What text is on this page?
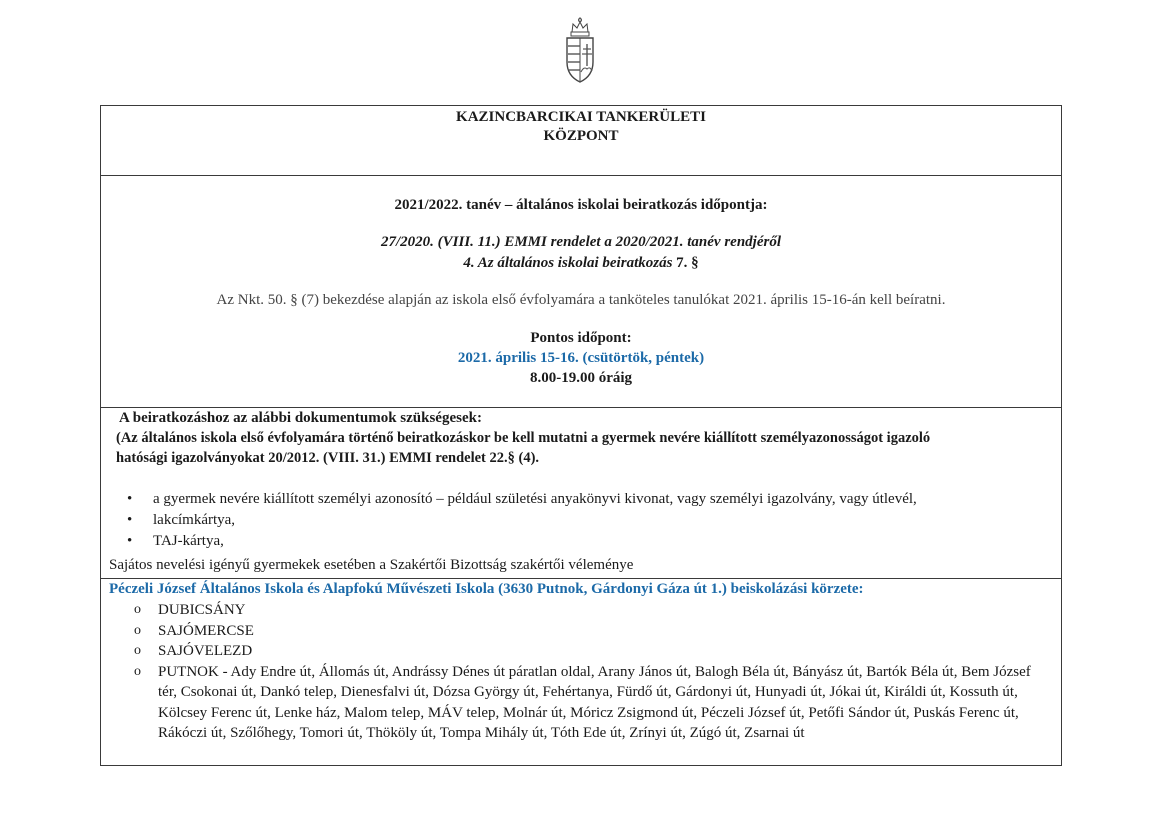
KAZINCBARCIKAI TANKERÜLETI
KÖZPONT
2021/2022. tanév – általános iskolai beiratkozás időpontja:
27/2020. (VIII. 11.) EMMI rendelet a 2020/2021. tanév rendjéről
4. Az általános iskolai beiratkozás 7. §
Az Nkt. 50. § (7) bekezdése alapján az iskola első évfolyamára a tanköteles tanulókat 2021. április 15-16-án kell beíratni.
Pontos időpont:
2021. április 15-16. (csütörtök, péntek)
8.00-19.00 óráig
A beiratkozáshoz az alábbi dokumentumok szükségesek:
(Az általános iskola első évfolyamára történő beiratkozáskor be kell mutatni a gyermek nevére kiállított személyazonosságot igazoló
hatósági igazolványokat 20/2012. (VIII. 31.) EMMI rendelet 22.§ (4).
• a gyermek nevére kiállított személyi azonosító – például születési anyakönyvi kivonat, vagy személyi igazolvány, vagy útlevél,
• lakcímkártya,
• TAJ-kártya,
Sajátos nevelési igényű gyermekek esetében a Szakértői Bizottság szakértői véleménye
Péczeli József Általános Iskola és Alapfokú Művészeti Iskola (3630 Putnok, Gárdonyi Gáza út 1.) beiskolázási körzete:
o DUBICSÁNY
o SAJÓMERCSE
o SAJÓVELEZD
o PUTNOK - Ady Endre út, Állomás út, Andrássy Dénes út páratlan oldal, Arany János út, Balogh Béla út, Bányász út, Bartók Béla út, Bem József tér, Csokonai út, Dankó telep, Dienesfalvi út, Dózsa György út, Fehértanya, Fürdő út, Gárdonyi út, Hunyadi út, Jókai út, Királdi út, Kossuth út, Kölcsey Ferenc út, Lenke ház, Malom telep, MÁV telep, Molnár út, Móricz Zsigmond út, Péczeli József út, Petőfi Sándor út, Puskás Ferenc út, Rákóczi út, Szőlőhegy, Tomori út, Thököly út, Tompa Mihály út, Tóth Ede út, Zrínyi út, Zúgó út, Zsarnai út
